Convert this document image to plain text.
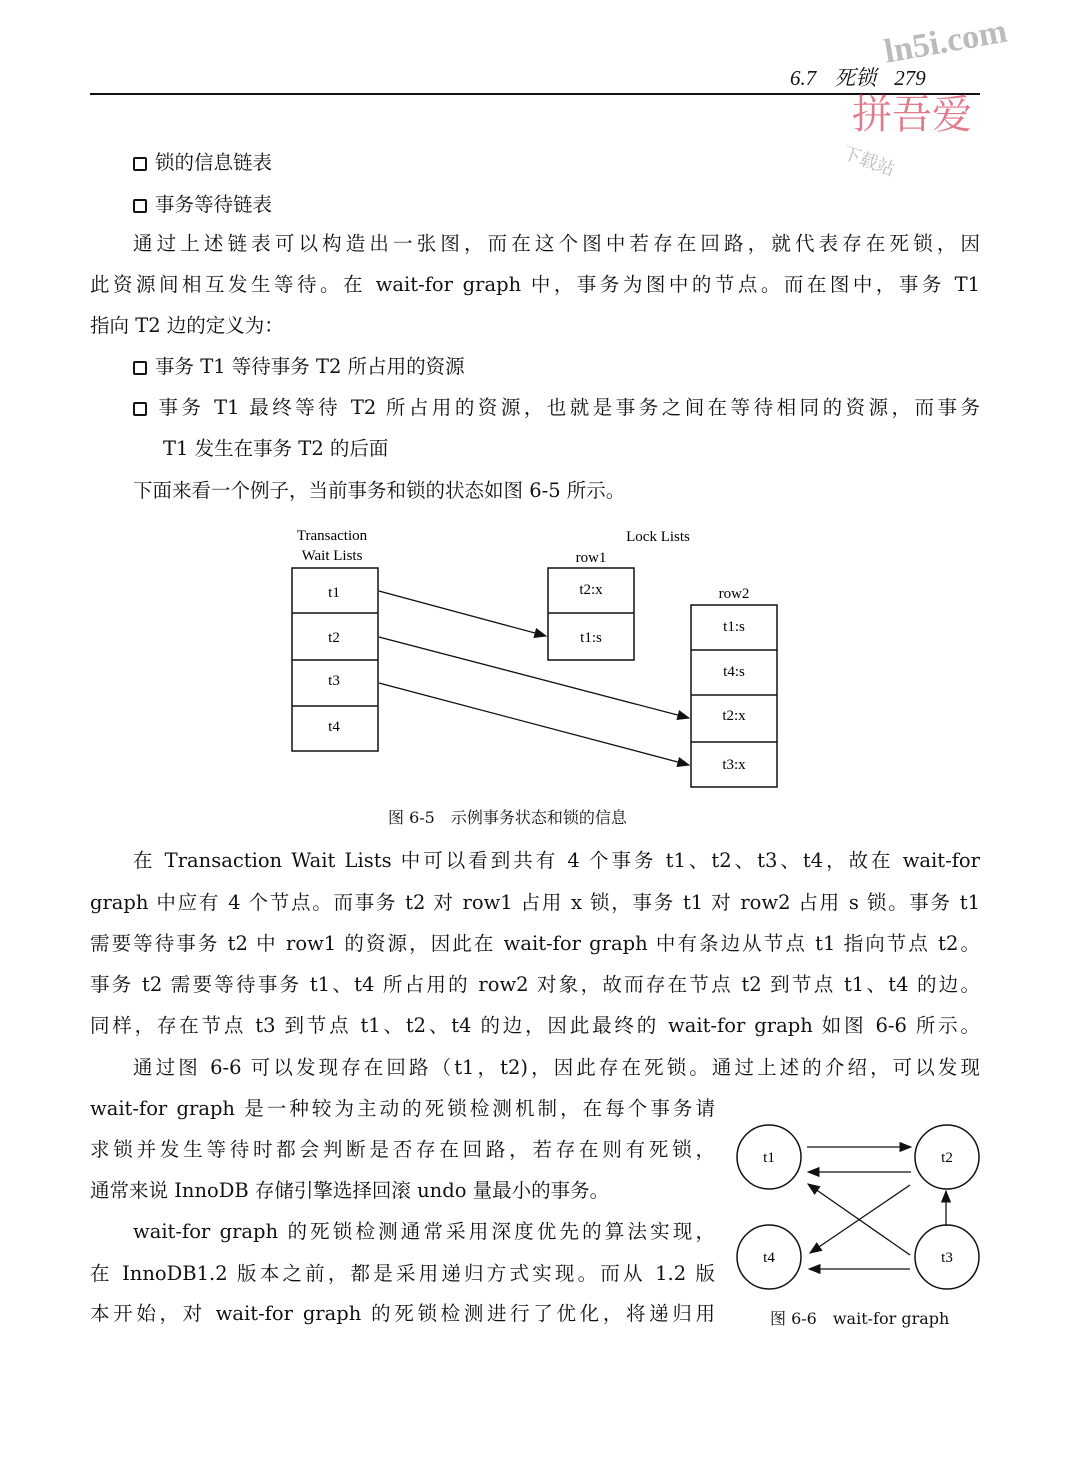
6.7 死锁 279
ln5i.com
拼吾爱
下载站
锁的信息链表
事务等待链表
通过上述链表可以构造出一张图，而在这个图中若存在回路，就代表存在死锁，因
此资源间相互发生等待。在 wait-for graph 中，事务为图中的节点。而在图中，事务 T1
指向 T2 边的定义为：
事务 T1 等待事务 T2 所占用的资源
事务 T1 最终等待 T2 所占用的资源，也就是事务之间在等待相同的资源，而事务
T1 发生在事务 T2 的后面
下面来看一个例子，当前事务和锁的状态如图 6-5 所示。
Transaction
Wait Lists
Lock Lists
t1
t2
t3
t4
row1
t2:x
t1:s
row2
t1:s
t4:s
t2:x
t3:x
图 6-5　示例事务状态和锁的信息
在 Transaction Wait Lists 中可以看到共有 4 个事务 t1、t2、t3、t4，故在 wait-for
graph 中应有 4 个节点。而事务 t2 对 row1 占用 x 锁，事务 t1 对 row2 占用 s 锁。事务 t1
需要等待事务 t2 中 row1 的资源，因此在 wait-for graph 中有条边从节点 t1 指向节点 t2。
事务 t2 需要等待事务 t1、t4 所占用的 row2 对象，故而存在节点 t2 到节点 t1、t4 的边。
同样，存在节点 t3 到节点 t1、t2、t4 的边，因此最终的 wait-for graph 如图 6-6 所示。
通过图 6-6 可以发现存在回路（t1，t2)，因此存在死锁。通过上述的介绍，可以发现
wait-for graph 是一种较为主动的死锁检测机制，在每个事务请
求锁并发生等待时都会判断是否存在回路，若存在则有死锁，
通常来说 InnoDB 存储引擎选择回滚 undo 量最小的事务。
wait-for graph 的死锁检测通常采用深度优先的算法实现，
在 InnoDB1.2 版本之前，都是采用递归方式实现。而从 1.2 版
本开始，对 wait-for graph 的死锁检测进行了优化，将递归用
t1	t2
t4	t3
图 6-6　wait-for graph
